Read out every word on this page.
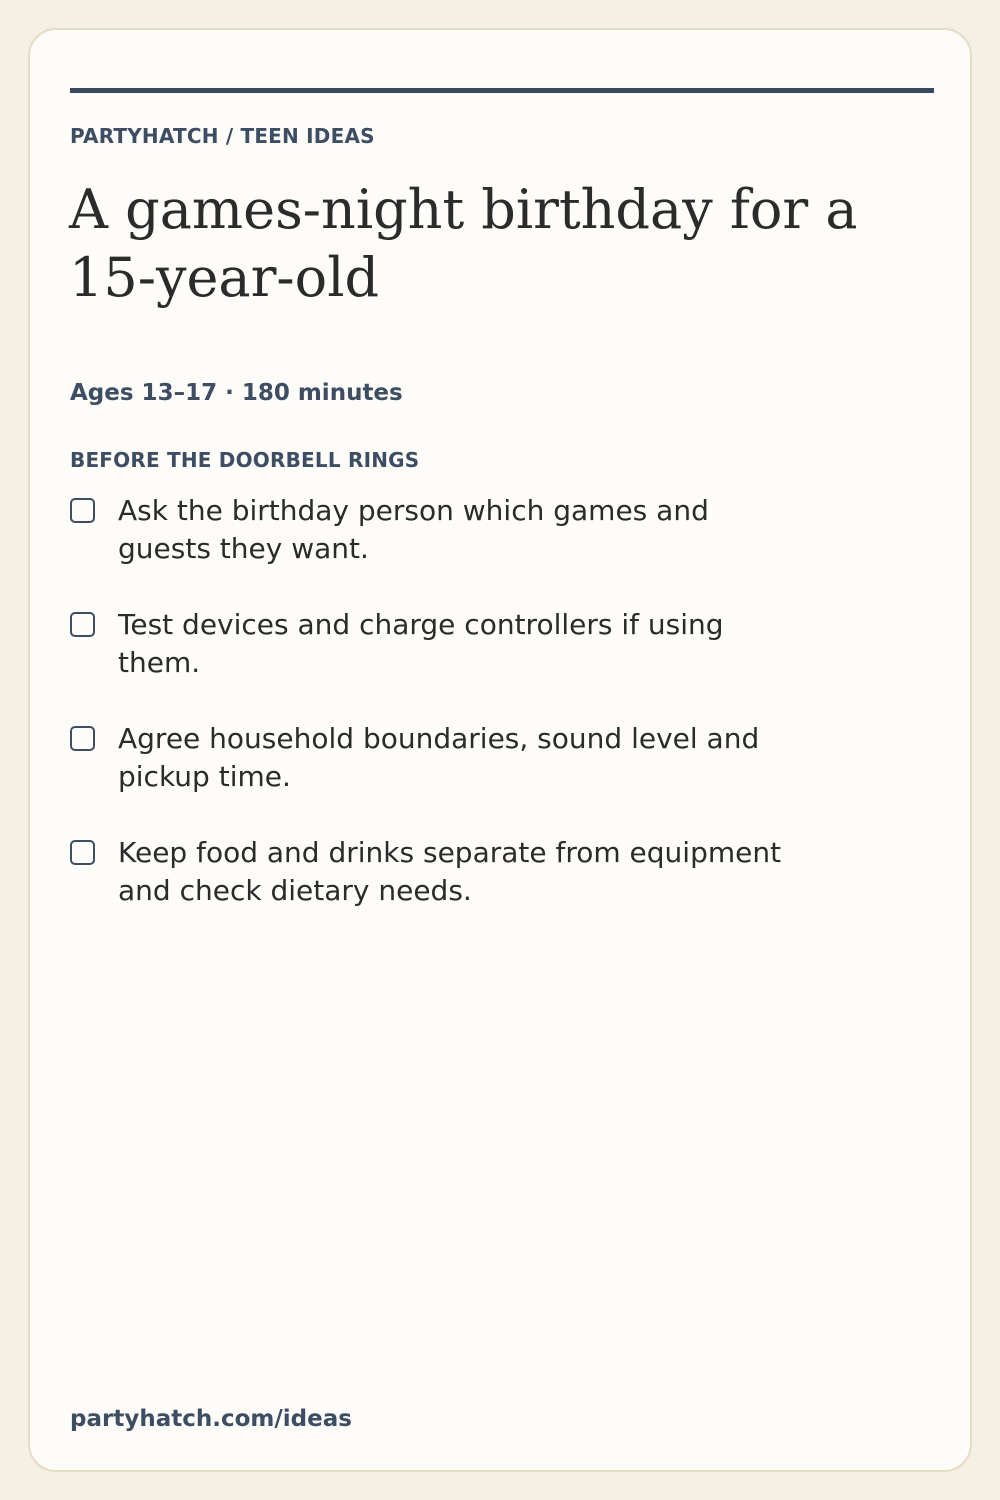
PARTYHATCH / TEEN IDEAS
A games-night birthday for a 15-year-old
Ages 13–17 · 180 minutes
BEFORE THE DOORBELL RINGS
Ask the birthday person which games and guests they want.
Test devices and charge controllers if using them.
Agree household boundaries, sound level and pickup time.
Keep food and drinks separate from equipment and check dietary needs.
partyhatch.com/ideas
